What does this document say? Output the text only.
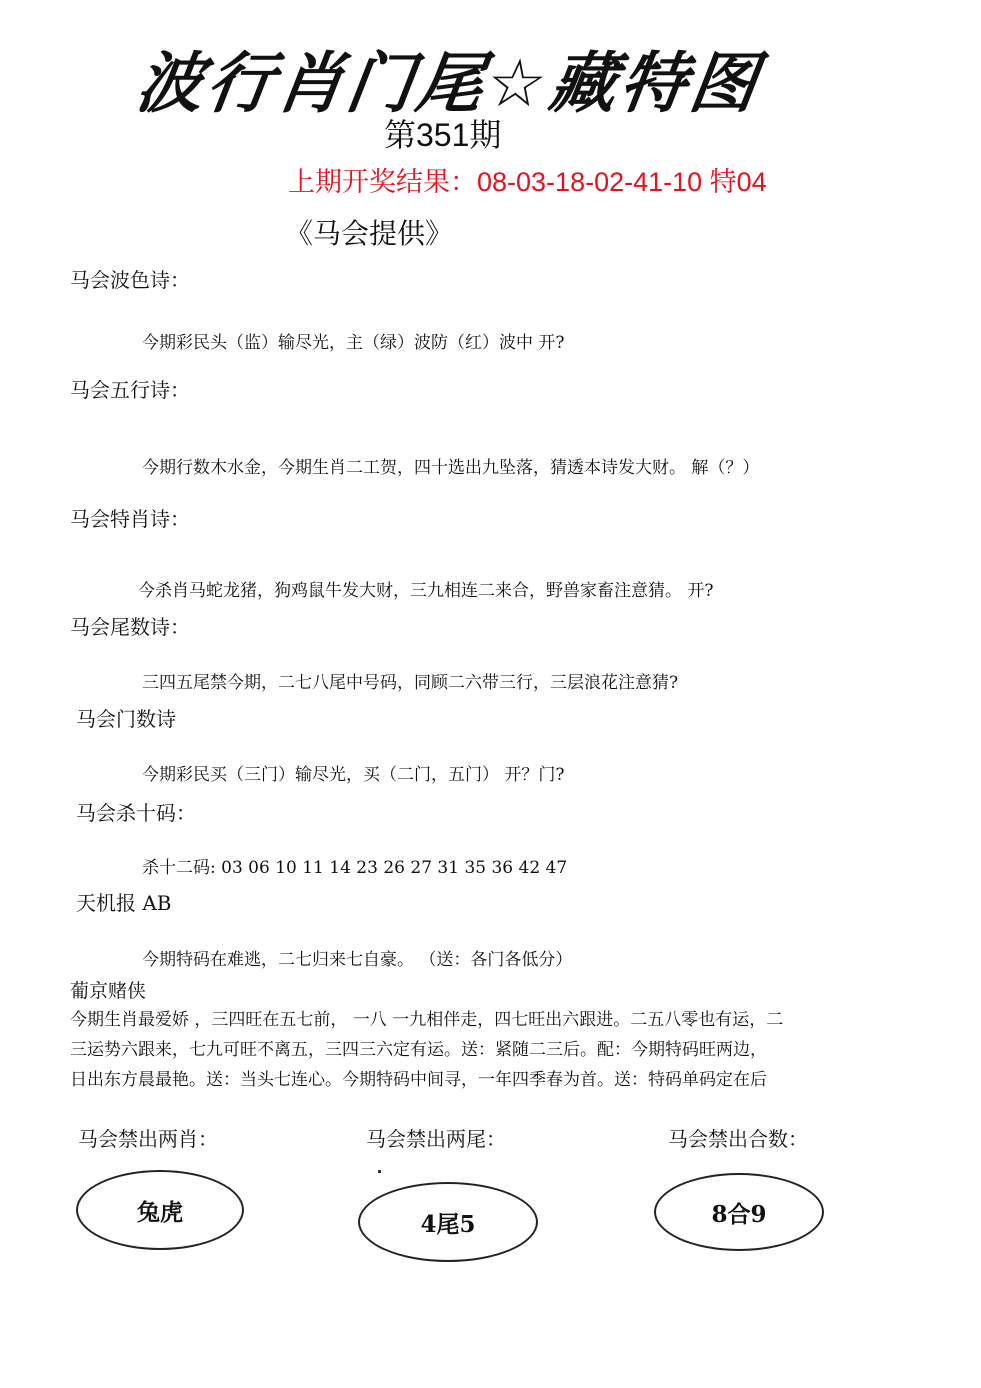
波行肖门尾☆藏特图
第351期
上期开奖结果：08-03-18-02-41-10 特04
《马会提供》
马会波色诗：
今期彩民头（监）输尽光，主（绿）波防（红）波中 开?
马会五行诗：
今期行数木水金，今期生肖二工贺，四十选出九坠落，猜透本诗发大财。 解（？）
马会特肖诗：
今杀肖马蛇龙猪，狗鸡鼠牛发大财，三九相连二来合，野兽家畜注意猜。 开?
马会尾数诗：
三四五尾禁今期，二七八尾中号码，同顾二六带三行，三层浪花注意猜?
马会门数诗
今期彩民买（三门）输尽光，买（二门，五门） 开？门?
马会杀十码：
杀十二码: 03 06 10 11 14 23 26 27 31 35 36 42 47
天机报 AB
今期特码在难逃，二七归来七自豪。 （送：各门各低分）
葡京赌侠
今期生肖最爱娇 ，三四旺在五七前， 一八 一九相伴走，四七旺出六跟进。二五八零也有运，二
三运势六跟来，七九可旺不离五，三四三六定有运。送：紧随二三后。配：今期特码旺两边，
日出东方晨最艳。送：当头七连心。今期特码中间寻，一年四季春为首。送：特码单码定在后
马会禁出两肖：	马会禁出两尾：	马会禁出合数：
兔虎	4尾5	8合9
